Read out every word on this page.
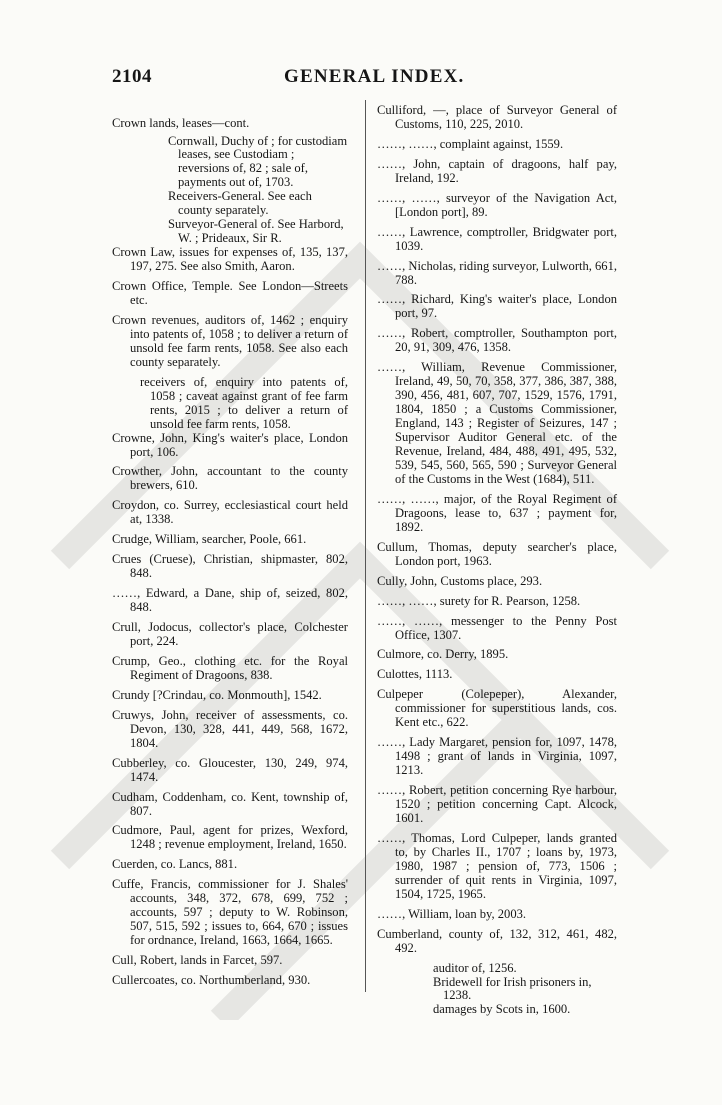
2104	GENERAL INDEX.

Crown lands, leases—cont.

Cornwall, Duchy of ; for custodiam leases, see Custodiam ; reversions of, 82 ; sale of, payments out of, 1703.

Receivers-General. See each county separately.

Surveyor-General of. See Harbord, W. ; Prideaux, Sir R.

Crown Law, issues for expenses of, 135, 137, 197, 275. See also Smith, Aaron.

Crown Office, Temple. See London—Streets etc.

Crown revenues, auditors of, 1462 ; enquiry into patents of, 1058 ; to deliver a return of unsold fee farm rents, 1058. See also each county separately.

receivers of, enquiry into patents of, 1058 ; caveat against grant of fee farm rents, 2015 ; to deliver a return of unsold fee farm rents, 1058.

Crowne, John, King's waiter's place, London port, 106.

Crowther, John, accountant to the county brewers, 610.

Croydon, co. Surrey, ecclesiastical court held at, 1338.

Crudge, William, searcher, Poole, 661.

Crues (Cruese), Christian, shipmaster, 802, 848.

……, Edward, a Dane, ship of, seized, 802, 848.

Crull, Jodocus, collector's place, Colchester port, 224.

Crump, Geo., clothing etc. for the Royal Regiment of Dragoons, 838.

Crundy [?Crindau, co. Monmouth], 1542.

Cruwys, John, receiver of assessments, co. Devon, 130, 328, 441, 449, 568, 1672, 1804.

Cubberley, co. Gloucester, 130, 249, 974, 1474.

Cudham, Coddenham, co. Kent, township of, 807.

Cudmore, Paul, agent for prizes, Wexford, 1248 ; revenue employment, Ireland, 1650.

Cuerden, co. Lancs, 881.

Cuffe, Francis, commissioner for J. Shales' accounts, 348, 372, 678, 699, 752 ; accounts, 597 ; deputy to W. Robinson, 507, 515, 592 ; issues to, 664, 670 ; issues for ordnance, Ireland, 1663, 1664, 1665.

Cull, Robert, lands in Farcet, 597.

Cullercoates, co. Northumberland, 930.

Culliford, —, place of Surveyor General of Customs, 110, 225, 2010.

……, ……, complaint against, 1559.

……, John, captain of dragoons, half pay, Ireland, 192.

……, ……, surveyor of the Navigation Act, [London port], 89.

……, Lawrence, comptroller, Bridgwater port, 1039.

……, Nicholas, riding surveyor, Lulworth, 661, 788.

……, Richard, King's waiter's place, London port, 97.

……, Robert, comptroller, Southampton port, 20, 91, 309, 476, 1358.

……, William, Revenue Commissioner, Ireland, 49, 50, 70, 358, 377, 386, 387, 388, 390, 456, 481, 607, 707, 1529, 1576, 1791, 1804, 1850 ; a Customs Commissioner, England, 143 ; Register of Seizures, 147 ; Supervisor Auditor General etc. of the Revenue, Ireland, 484, 488, 491, 495, 532, 539, 545, 560, 565, 590 ; Surveyor General of the Customs in the West (1684), 511.

……, ……, major, of the Royal Regiment of Dragoons, lease to, 637 ; payment for, 1892.

Cullum, Thomas, deputy searcher's place, London port, 1963.

Cully, John, Customs place, 293.

……, ……, surety for R. Pearson, 1258.

……, ……, messenger to the Penny Post Office, 1307.

Culmore, co. Derry, 1895.

Culottes, 1113.

Culpeper (Colepeper), Alexander, commissioner for superstitious lands, cos. Kent etc., 622.

……, Lady Margaret, pension for, 1097, 1478, 1498 ; grant of lands in Virginia, 1097, 1213.

……, Robert, petition concerning Rye harbour, 1520 ; petition concerning Capt. Alcock, 1601.

……, Thomas, Lord Culpeper, lands granted to, by Charles II., 1707 ; loans by, 1973, 1980, 1987 ; pension of, 773, 1506 ; surrender of quit rents in Virginia, 1097, 1504, 1725, 1965.

……, William, loan by, 2003.

Cumberland, county of, 132, 312, 461, 482, 492.

auditor of, 1256.

Bridewell for Irish prisoners in, 1238.

damages by Scots in, 1600.
